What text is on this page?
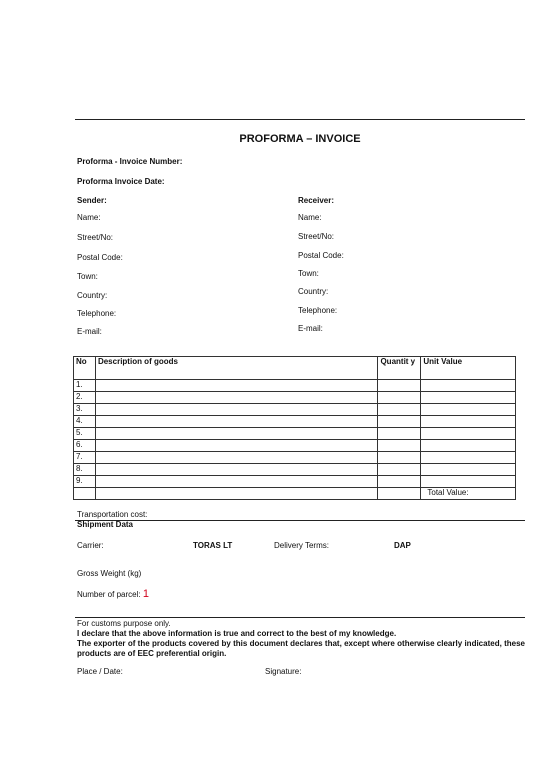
PROFORMA – INVOICE
Proforma - Invoice Number:
Proforma Invoice Date:
Sender:
Name:
Street/No:
Postal Code:
Town:
Country:
Telephone:
E-mail:
Receiver:
Name:
Street/No:
Postal Code:
Town:
Country:
Telephone:
E-mail:
No	Description of goods	Quantit y	Unit Value
1.			
2.			
3.			
4.			
5.			
6.			
7.			
8.			
9.			
			Total Value:
Transportation cost:
Shipment Data
Carrier:	TORAS LT	Delivery Terms:	DAP
Gross Weight (kg)
Number of parcel: 1
For customs purpose only.
I declare that the above information is true and correct to the best of my knowledge.
The exporter of the products covered by this document declares that, except where otherwise clearly indicated, these products are of EEC preferential origin.
Place / Date:	Signature:
